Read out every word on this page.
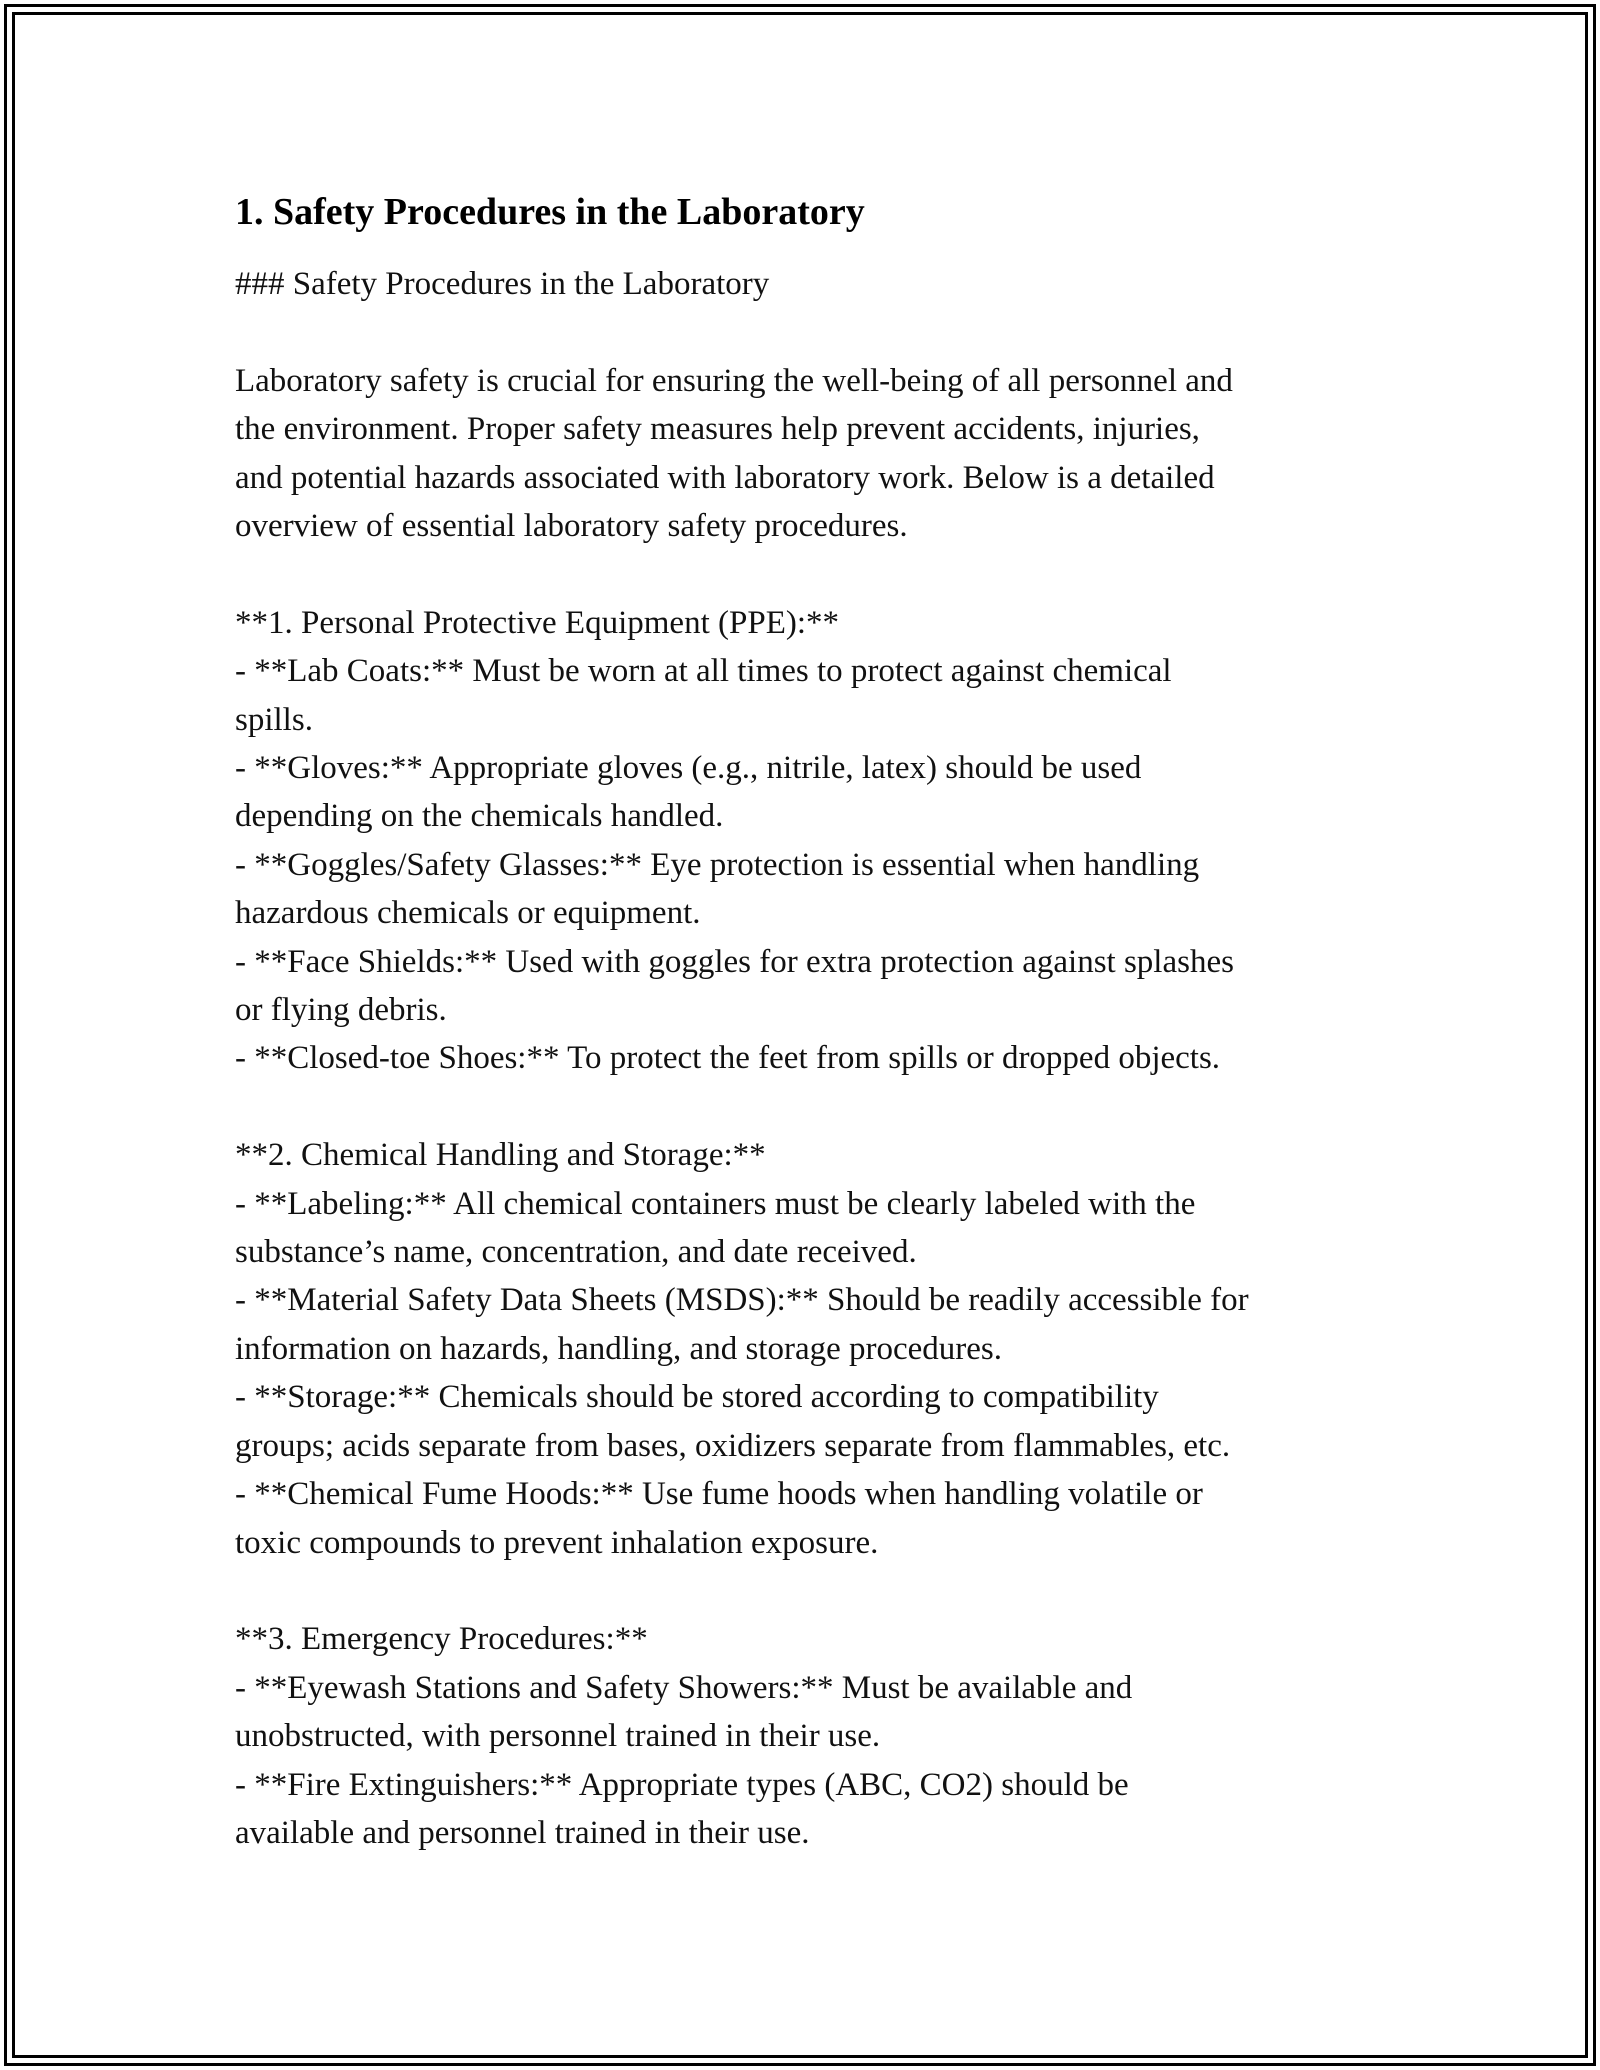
1. Safety Procedures in the Laboratory

### Safety Procedures in the Laboratory

Laboratory safety is crucial for ensuring the well-being of all personnel and

the environment. Proper safety measures help prevent accidents, injuries,

and potential hazards associated with laboratory work. Below is a detailed

overview of essential laboratory safety procedures.

**1. Personal Protective Equipment (PPE):**

- **Lab Coats:** Must be worn at all times to protect against chemical

spills.

- **Gloves:** Appropriate gloves (e.g., nitrile, latex) should be used

depending on the chemicals handled.

- **Goggles/Safety Glasses:** Eye protection is essential when handling

hazardous chemicals or equipment.

- **Face Shields:** Used with goggles for extra protection against splashes

or flying debris.

- **Closed-toe Shoes:** To protect the feet from spills or dropped objects.

**2. Chemical Handling and Storage:**

- **Labeling:** All chemical containers must be clearly labeled with the

substance’s name, concentration, and date received.

- **Material Safety Data Sheets (MSDS):** Should be readily accessible for

information on hazards, handling, and storage procedures.

- **Storage:** Chemicals should be stored according to compatibility

groups; acids separate from bases, oxidizers separate from flammables, etc.

- **Chemical Fume Hoods:** Use fume hoods when handling volatile or

toxic compounds to prevent inhalation exposure.

**3. Emergency Procedures:**

- **Eyewash Stations and Safety Showers:** Must be available and

unobstructed, with personnel trained in their use.

- **Fire Extinguishers:** Appropriate types (ABC, CO2) should be

available and personnel trained in their use.
